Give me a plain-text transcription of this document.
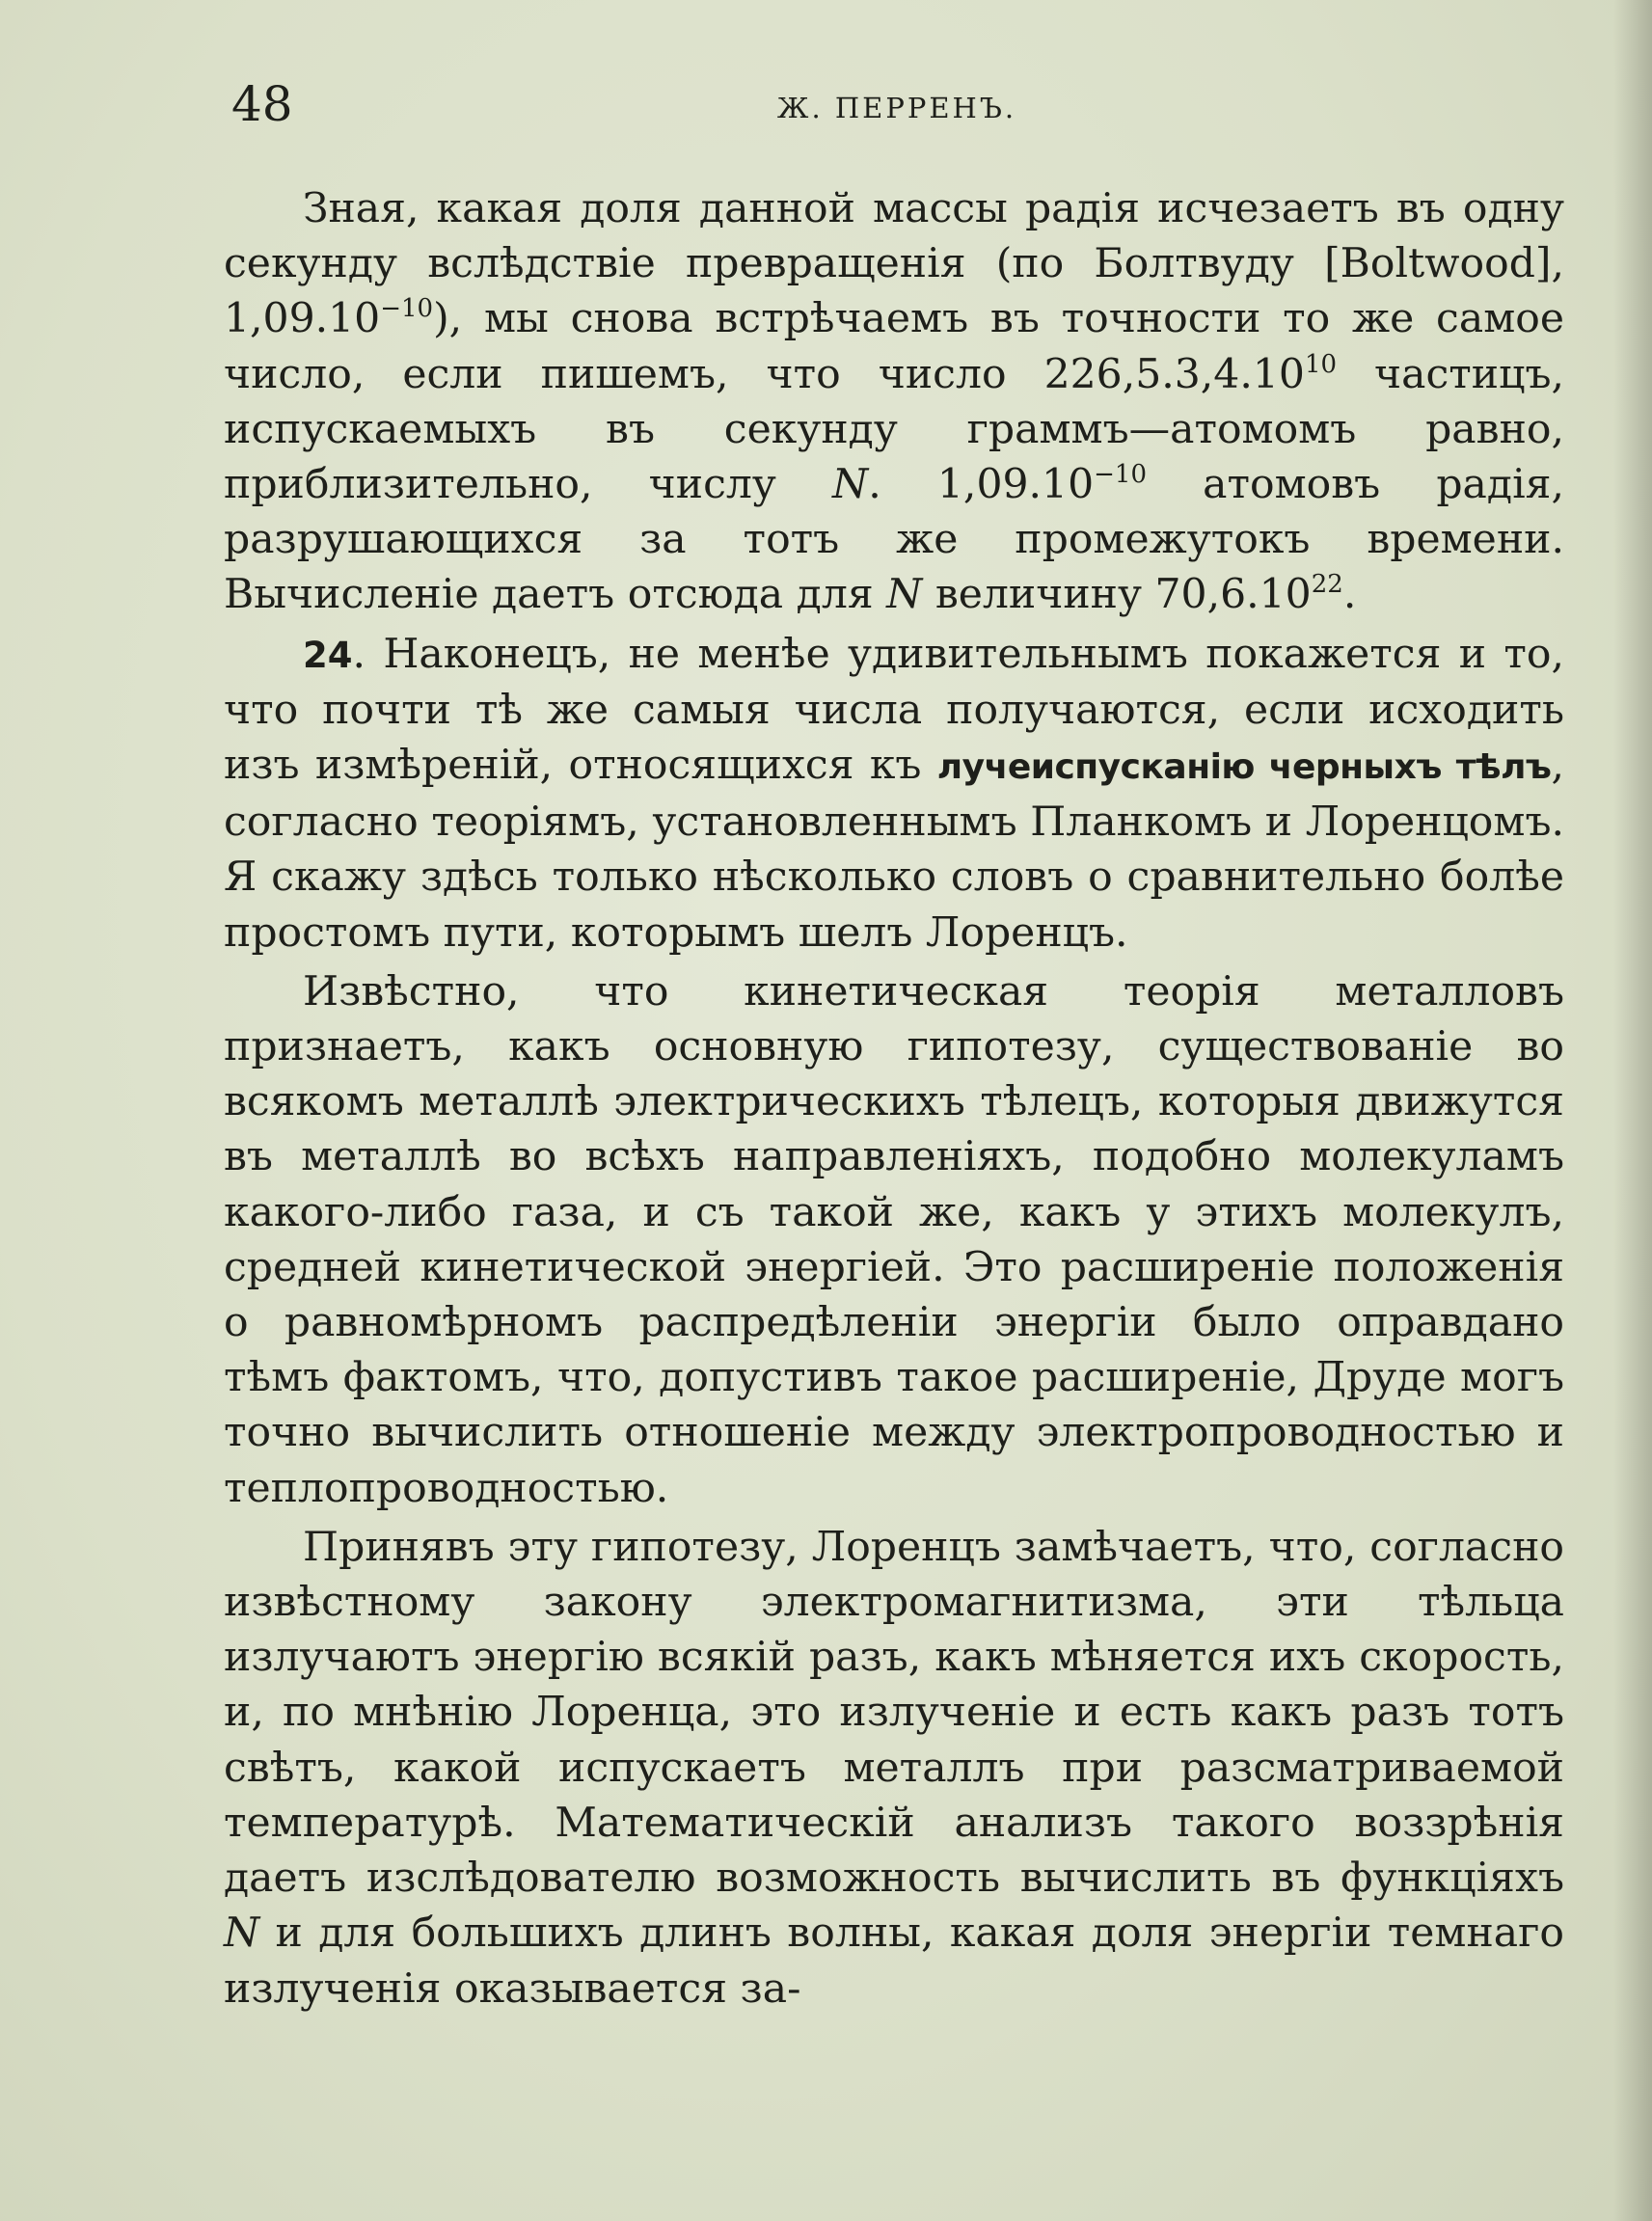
48	Ж. ПЕРРЕНЪ.

Зная, какая доля данной массы радія исчезаетъ въ одну секунду вслѣдствіе превращенія (по Болтвуду [Boltwood], $1,09.10^{-10}$), мы снова встрѣчаемъ въ точности то же самое число, если пишемъ, что число 226,5.3,4.10$^{10}$ частицъ, испускаемыхъ въ секунду граммъ—атомомъ равно, приблизительно, числу N. $1,09.10^{-10}$ атомовъ радія, разрушающихся за тотъ же промежутокъ времени. Вычисленіе даетъ отсюда для N величину 70,6.10$^{22}$.

24. Наконецъ, не менѣе удивительнымъ покажется и то, что почти тѣ же самыя числа получаются, если исходить изъ измѣреній, относящихся къ лучеиспусканію черныхъ тѣлъ, согласно теоріямъ, установленнымъ Планкомъ и Лоренцомъ. Я скажу здѣсь только нѣсколько словъ о сравнительно болѣе простомъ пути, которымъ шелъ Лоренцъ.

Извѣстно, что кинетическая теорія металловъ признаетъ, какъ основную гипотезу, существованіе во всякомъ металлѣ электрическихъ тѣлецъ, которыя движутся въ металлѣ во всѣхъ направленіяхъ, подобно молекуламъ какого-либо газа, и съ такой же, какъ у этихъ молекулъ, средней кинетической энергіей. Это расширеніе положенія о равномѣрномъ распредѣленіи энергіи было оправдано тѣмъ фактомъ, что, допустивъ такое расширеніе, Друде могъ точно вычислить отношеніе между электропроводностью и теплопроводностью.

Принявъ эту гипотезу, Лоренцъ замѣчаетъ, что, согласно извѣстному закону электромагнитизма, эти тѣльца излучаютъ энергію всякій разъ, какъ мѣняется ихъ скорость, и, по мнѣнію Лоренца, это излученіе и есть какъ разъ тотъ свѣтъ, какой испускаетъ металлъ при разсматриваемой температурѣ. Математическій анализъ такого воззрѣнія даетъ изслѣдователю возможность вычислить въ функціяхъ N и для большихъ длинъ волны, какая доля энергіи темнаго излученія оказывается за-
